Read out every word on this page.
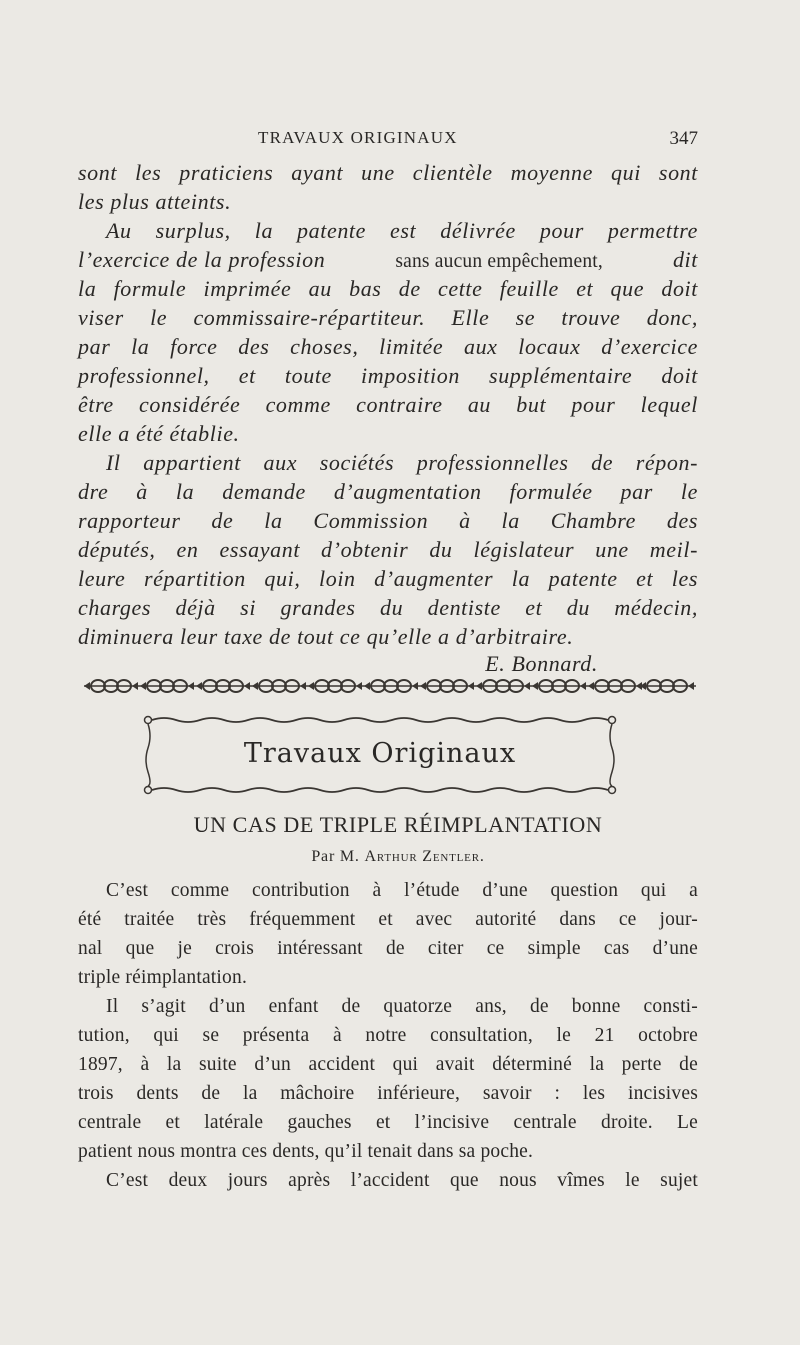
TRAVAUX ORIGINAUX	347
sont les praticiens ayant une clientèle moyenne qui sont
les plus atteints.
Au surplus, la patente est délivrée pour permettre
l’exercice de la profession	sans aucun empêchement,	dit
la formule imprimée au bas de cette feuille et que doit
viser le commissaire-répartiteur. Elle se trouve donc,
par la force des choses, limitée aux locaux d’exercice
professionnel, et toute imposition supplémentaire doit
être considérée comme contraire au but pour lequel
elle a été établie.
Il appartient aux sociétés professionnelles de répon-
dre à la demande d’augmentation formulée par le
rapporteur de la Commission à la Chambre des
députés, en essayant d’obtenir du législateur une meil-
leure répartition qui, loin d’augmenter la patente et les
charges déjà si grandes du dentiste et du médecin,
diminuera leur taxe de tout ce qu’elle a d’arbitraire.
E. Bonnard.
Travaux Originaux
UN CAS DE TRIPLE RÉIMPLANTATION
Par M. Arthur Zentler.
C’est comme contribution à l’étude d’une question qui a
été traitée très fréquemment et avec autorité dans ce jour-
nal que je crois intéressant de citer ce simple cas d’une
triple réimplantation.
Il s’agit d’un enfant de quatorze ans, de bonne consti-
tution, qui se présenta à notre consultation, le 21 octobre
1897, à la suite d’un accident qui avait déterminé la perte de
trois dents de la mâchoire inférieure, savoir : les incisives
centrale et latérale gauches et l’incisive centrale droite. Le
patient nous montra ces dents, qu’il tenait dans sa poche.
C’est deux jours après l’accident que nous vîmes le sujet
